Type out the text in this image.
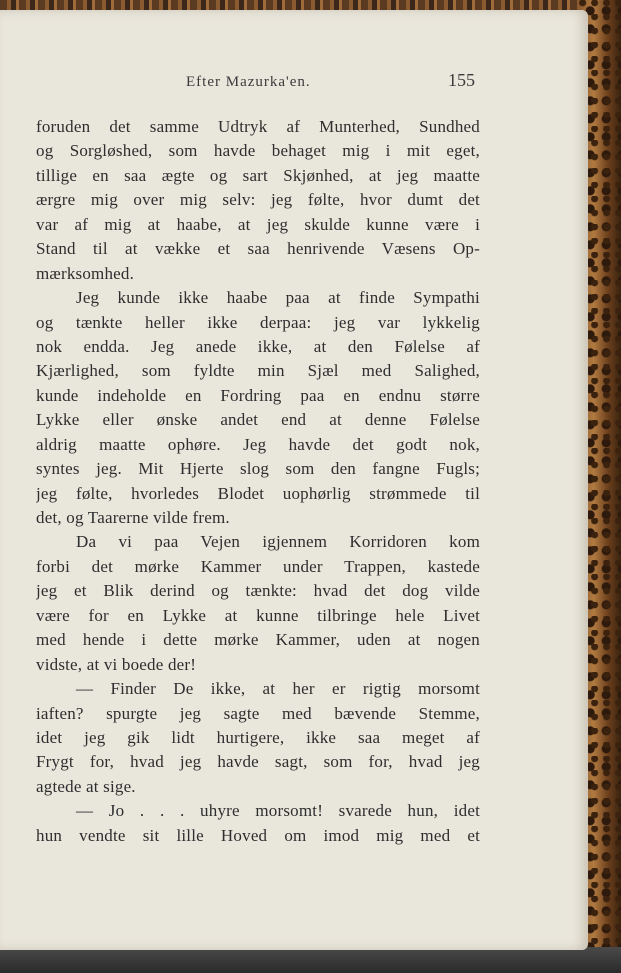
Efter Mazurka'en.	155
foruden det samme Udtryk af Munterhed, Sundhed
og Sorgløshed, som havde behaget mig i mit eget,
tillige en saa ægte og sart Skjønhed, at jeg maatte
ærgre mig over mig selv: jeg følte, hvor dumt det
var af mig at haabe, at jeg skulde kunne være i
Stand til at vække et saa henrivende Væsens Op-
mærksomhed.
Jeg kunde ikke haabe paa at finde Sympathi
og tænkte heller ikke derpaa: jeg var lykkelig
nok endda. Jeg anede ikke, at den Følelse af
Kjærlighed, som fyldte min Sjæl med Salighed,
kunde indeholde en Fordring paa en endnu større
Lykke eller ønske andet end at denne Følelse
aldrig maatte ophøre. Jeg havde det godt nok,
syntes jeg. Mit Hjerte slog som den fangne Fugls;
jeg følte, hvorledes Blodet uophørlig strømmede til
det, og Taarerne vilde frem.
Da vi paa Vejen igjennem Korridoren kom
forbi det mørke Kammer under Trappen, kastede
jeg et Blik derind og tænkte: hvad det dog vilde
være for en Lykke at kunne tilbringe hele Livet
med hende i dette mørke Kammer, uden at nogen
vidste, at vi boede der!
— Finder De ikke, at her er rigtig morsomt
iaften? spurgte jeg sagte med bævende Stemme,
idet jeg gik lidt hurtigere, ikke saa meget af
Frygt for, hvad jeg havde sagt, som for, hvad jeg
agtede at sige.
— Jo . . . uhyre morsomt! svarede hun, idet
hun vendte sit lille Hoved om imod mig med et
